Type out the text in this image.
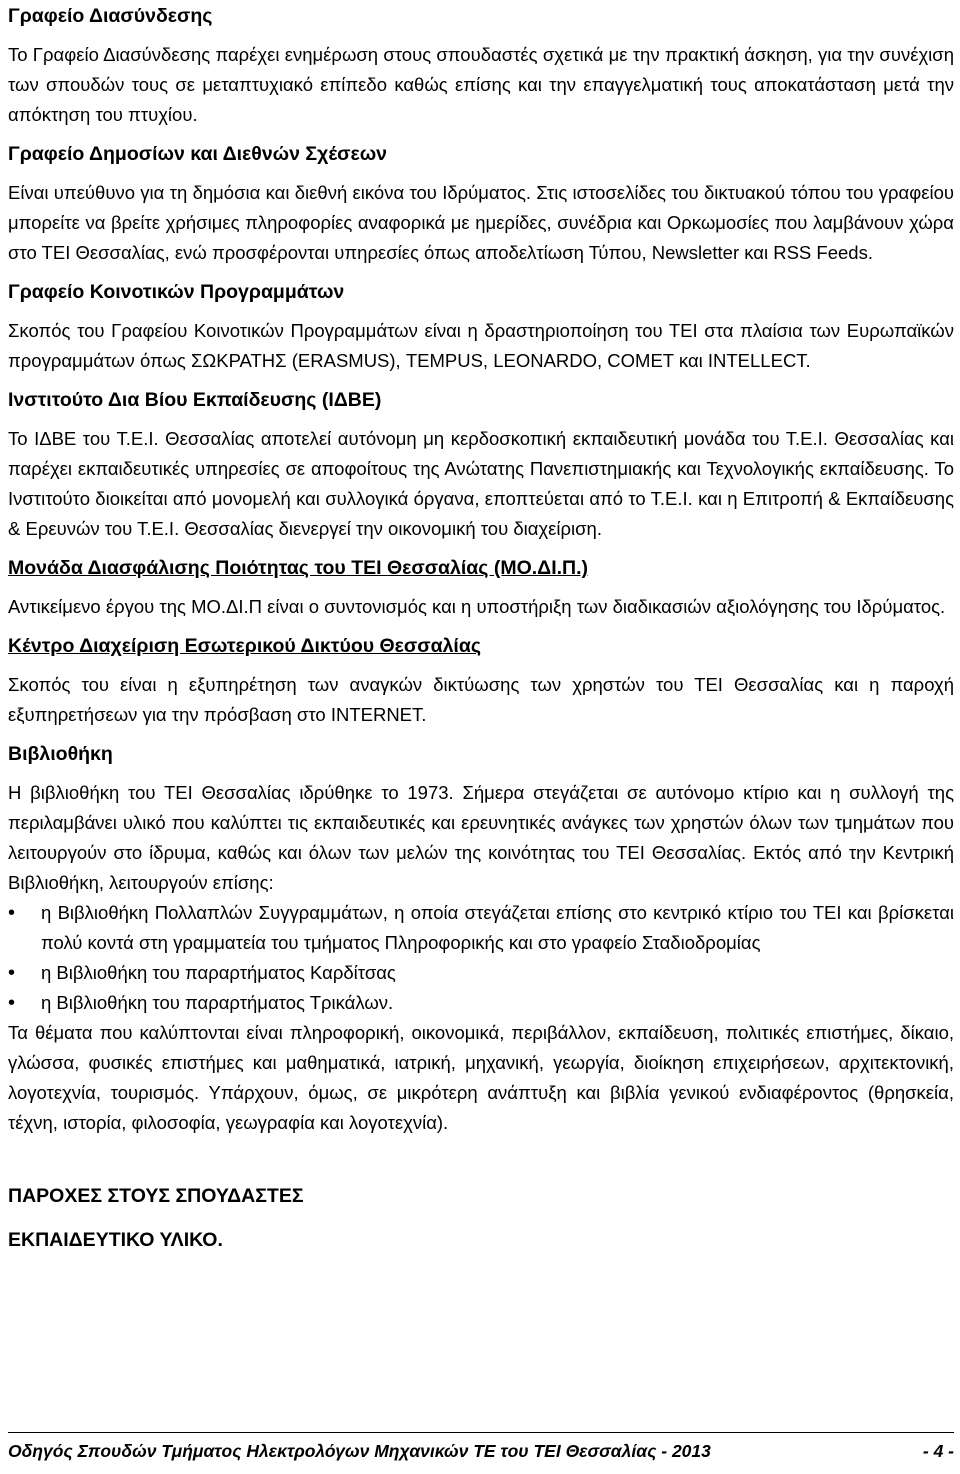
Γραφείο Διασύνδεσης

Το Γραφείο Διασύνδεσης παρέχει ενημέρωση στους σπουδαστές σχετικά με την πρακτική άσκηση, για την συνέχιση των σπουδών τους σε μεταπτυχιακό επίπεδο καθώς επίσης και την επαγγελματική τους αποκατάσταση μετά την απόκτηση του πτυχίου.

Γραφείο Δημοσίων και Διεθνών Σχέσεων

Είναι υπεύθυνο για τη δημόσια και διεθνή εικόνα του Ιδρύματος. Στις ιστοσελίδες του δικτυακού τόπου του γραφείου μπορείτε να βρείτε χρήσιμες πληροφορίες αναφορικά με ημερίδες, συνέδρια και Ορκωμοσίες που λαμβάνουν χώρα στο ΤΕΙ Θεσσαλίας, ενώ προσφέρονται υπηρεσίες όπως αποδελτίωση Τύπου, Newsletter και RSS Feeds.

Γραφείο Κοινοτικών Προγραμμάτων

Σκοπός του Γραφείου Κοινοτικών Προγραμμάτων είναι η δραστηριοποίηση του ΤΕΙ στα πλαίσια των Ευρωπαϊκών προγραμμάτων όπως ΣΩΚΡΑΤΗΣ (ERASMUS), TEMPUS, LEONARDO, COMET και INTELLECT.

Ινστιτούτο Δια Βίου Εκπαίδευσης (ΙΔΒΕ)

Το ΙΔΒΕ του Τ.Ε.Ι. Θεσσαλίας αποτελεί αυτόνομη μη κερδοσκοπική εκπαιδευτική μονάδα του Τ.Ε.Ι. Θεσσαλίας και παρέχει εκπαιδευτικές υπηρεσίες σε αποφοίτους της Ανώτατης Πανεπιστημιακής και Τεχνολογικής εκπαίδευσης. Το Ινστιτούτο διοικείται από μονομελή και συλλογικά όργανα, εποπτεύεται από το Τ.Ε.Ι. και η Επιτροπή & Εκπαίδευσης & Ερευνών του Τ.Ε.Ι. Θεσσαλίας διενεργεί την οικονομική του διαχείριση.

Μονάδα Διασφάλισης Ποιότητας του ΤΕΙ Θεσσαλίας (ΜΟ.ΔΙ.Π.)

Αντικείμενο έργου της ΜΟ.ΔΙ.Π είναι ο συντονισμός και η υποστήριξη των διαδικασιών αξιολόγησης του Ιδρύματος.

Κέντρο Διαχείριση Εσωτερικού Δικτύου Θεσσαλίας

Σκοπός του είναι η εξυπηρέτηση των αναγκών δικτύωσης των χρηστών του ΤΕΙ Θεσσαλίας και η παροχή εξυπηρετήσεων για την πρόσβαση στο INTERNET.

Βιβλιοθήκη

Η βιβλιοθήκη του ΤΕΙ Θεσσαλίας ιδρύθηκε το 1973. Σήμερα στεγάζεται σε αυτόνομο κτίριο και η συλλογή της περιλαμβάνει υλικό που καλύπτει τις εκπαιδευτικές και ερευνητικές ανάγκες των χρηστών όλων των τμημάτων που λειτουργούν στο ίδρυμα, καθώς και όλων των μελών της κοινότητας του ΤΕΙ Θεσσαλίας. Εκτός από την Κεντρική Βιβλιοθήκη, λειτουργούν επίσης:

• η Βιβλιοθήκη Πολλαπλών Συγγραμμάτων, η οποία στεγάζεται επίσης στο κεντρικό κτίριο του ΤΕΙ και βρίσκεται πολύ κοντά στη γραμματεία του τμήματος Πληροφορικής και στο γραφείο Σταδιοδρομίας
• η Βιβλιοθήκη του παραρτήματος Καρδίτσας
• η Βιβλιοθήκη του παραρτήματος Τρικάλων.

Τα θέματα που καλύπτονται είναι πληροφορική, οικονομικά, περιβάλλον, εκπαίδευση, πολιτικές επιστήμες, δίκαιο, γλώσσα, φυσικές επιστήμες και μαθηματικά, ιατρική, μηχανική, γεωργία, διοίκηση επιχειρήσεων, αρχιτεκτονική, λογοτεχνία, τουρισμός. Υπάρχουν, όμως, σε μικρότερη ανάπτυξη και βιβλία γενικού ενδιαφέροντος (θρησκεία, τέχνη, ιστορία, φιλοσοφία, γεωγραφία και λογοτεχνία).

ΠΑΡΟΧΕΣ ΣΤΟΥΣ ΣΠΟΥΔΑΣΤΕΣ
ΕΚΠΑΙΔΕΥΤΙΚΟ ΥΛΙΚΟ.
Οδηγός Σπουδών Τμήματος Ηλεκτρολόγων Μηχανικών ΤΕ του ΤΕΙ Θεσσαλίας - 2013	- 4 -
